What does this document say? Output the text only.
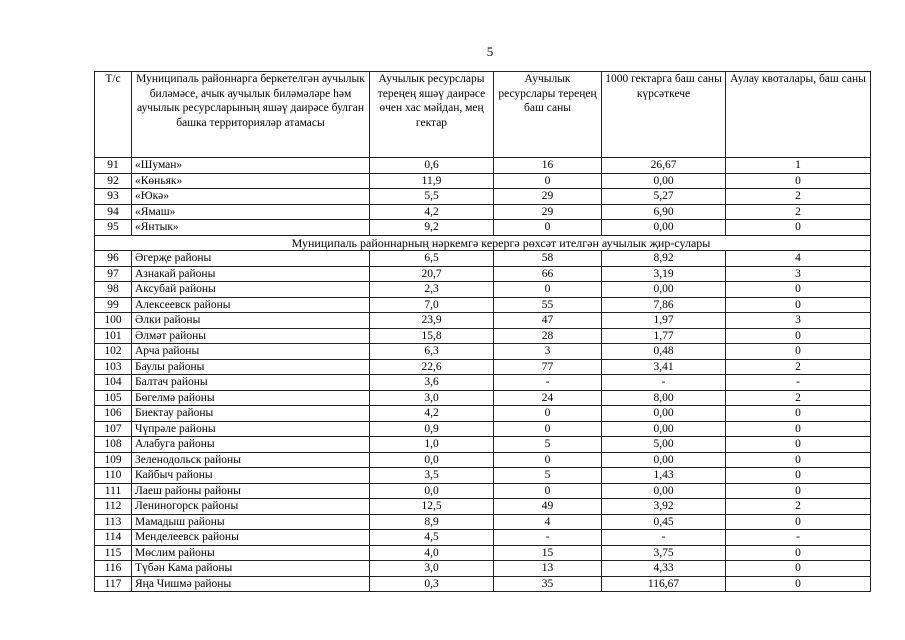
5
Т/с	Муниципаль районнарга беркетелгән аучылык биләмәсе, ачык аучылык биләмәләре һәм аучылык ресурсларының яшәү даирәсе булган башка территорияләр атамасы	Аучылык ресурслары тереңең яшәү даирәсе өчен хас мәйдан, мең гектар	Аучылык ресурслары тереңең баш саны	1000 гектарга баш саны күрсәткече	Аулау квоталары, баш саны
91	«Шуман»	0,6	16	26,67	1
92	«Көньяк»	11,9	0	0,00	0
93	«Юкә»	5,5	29	5,27	2
94	«Ямаш»	4,2	29	6,90	2
95	«Янтык»	9,2	0	0,00	0
Муниципаль районнарның нәркемгә керергә рөхсәт ителгән аучылык җир-сулары					
96	Әгерҗе районы	6,5	58	8,92	4
97	Азнакай районы	20,7	66	3,19	3
98	Аксубай районы	2,3	0	0,00	0
99	Алексеевск районы	7,0	55	7,86	0
100	Әлки районы	23,9	47	1,97	3
101	Әлмәт районы	15,8	28	1,77	0
102	Арча районы	6,3	3	0,48	0
103	Баулы районы	22,6	77	3,41	2
104	Балтач районы	3,6	-	-	-
105	Бөгелмә районы	3,0	24	8,00	2
106	Биектау районы	4,2	0	0,00	0
107	Чүпрәле районы	0,9	0	0,00	0
108	Алабуга районы	1,0	5	5,00	0
109	Зеленодольск районы	0,0	0	0,00	0
110	Кайбыч районы	3,5	5	1,43	0
111	Лаеш районы районы	0,0	0	0,00	0
112	Лениногорск районы	12,5	49	3,92	2
113	Мамадыш районы	8,9	4	0,45	0
114	Менделеевск районы	4,5	-	-	-
115	Мөслим районы	4,0	15	3,75	0
116	Түбән Кама районы	3,0	13	4,33	0
117	Яңа Чишмә районы	0,3	35	116,67	0
